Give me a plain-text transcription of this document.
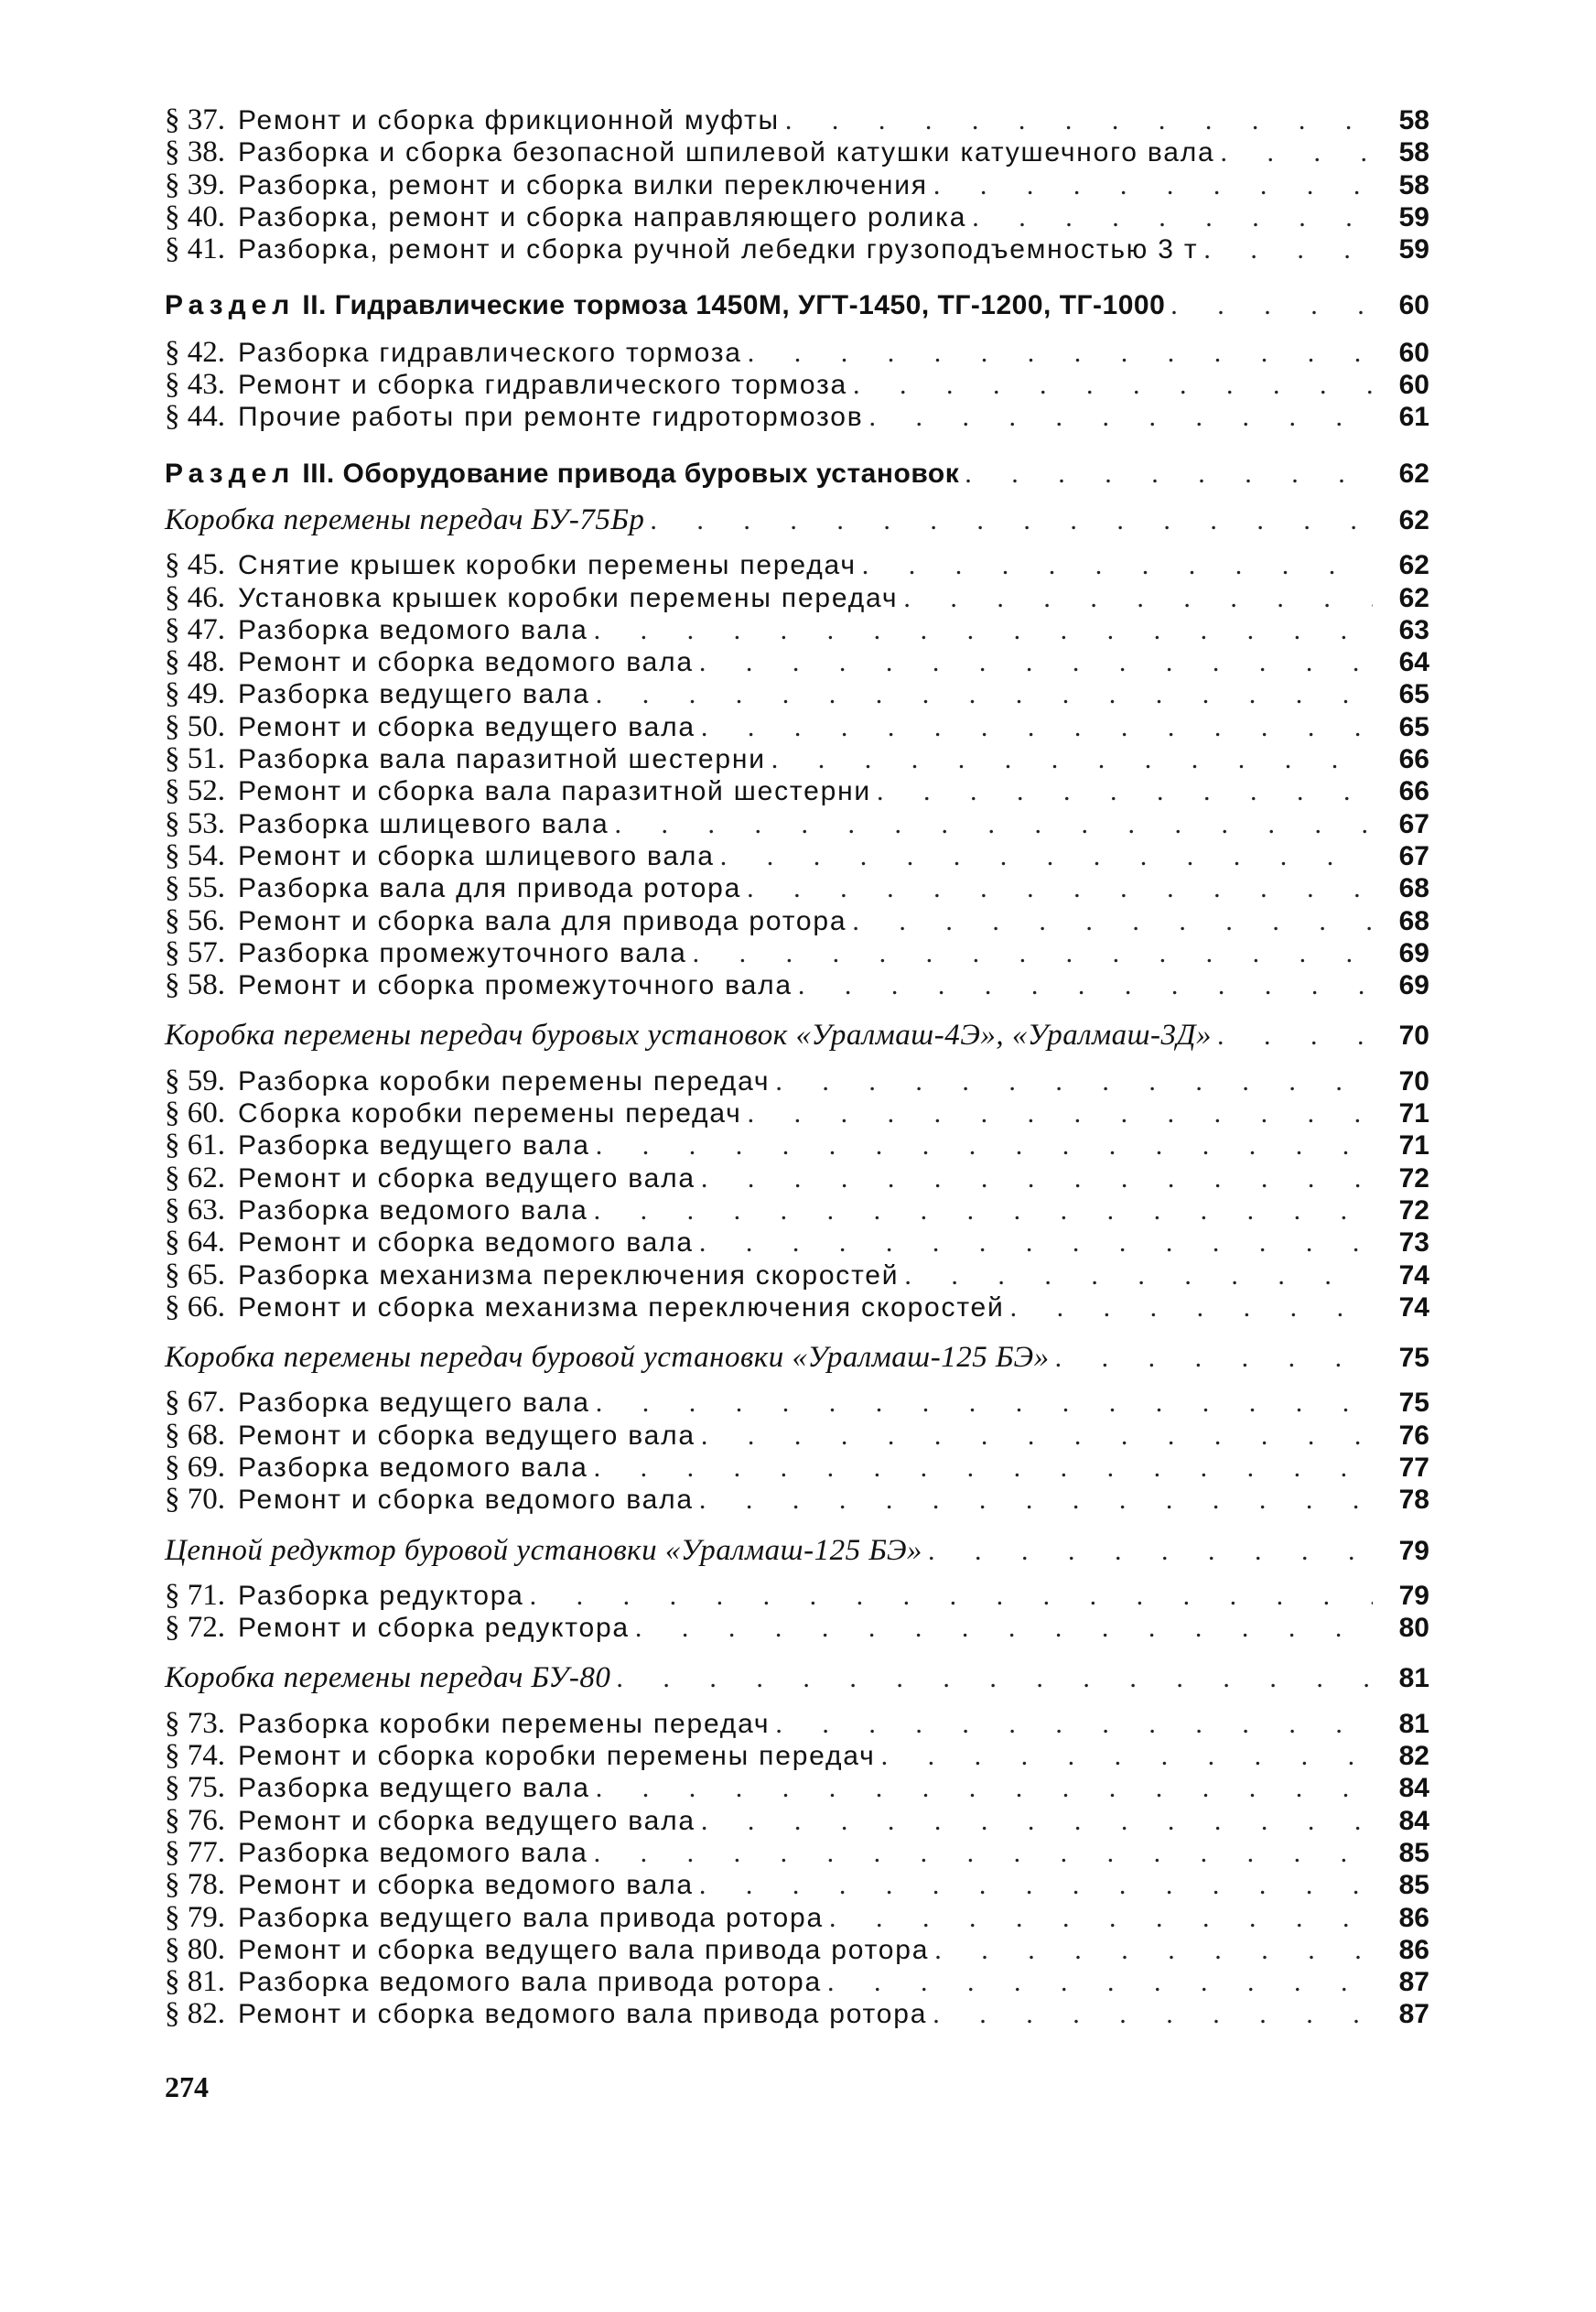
§ 37. Ремонт и сборка фрикционной муфты . . .	58
§ 38. Разборка и сборка безопасной шпилевой катушки катушечного вала . . .	58
§ 39. Разборка, ремонт и сборка вилки переключения . . .	58
§ 40. Разборка, ремонт и сборка направляющего ролика . . .	59
§ 41. Разборка, ремонт и сборка ручной лебедки грузоподъемностью 3 т . . .	59
Раздел II. Гидравлические тормоза 1450М, УГТ-1450, ТГ-1200, ТГ-1000 . . .	60
§ 42. Разборка гидравлического тормоза . . .	60
§ 43. Ремонт и сборка гидравлического тормоза . . .	60
§ 44. Прочие работы при ремонте гидротормозов . . .	61
Раздел III. Оборудование привода буровых установок . . .	62
Коробка перемены передач БУ-75Бр . . .	62
§ 45. Снятие крышек коробки перемены передач . . .	62
§ 46. Установка крышек коробки перемены передач . . .	62
§ 47. Разборка ведомого вала . . .	63
§ 48. Ремонт и сборка ведомого вала . . .	64
§ 49. Разборка ведущего вала . . .	65
§ 50. Ремонт и сборка ведущего вала . . .	65
§ 51. Разборка вала паразитной шестерни . . .	66
§ 52. Ремонт и сборка вала паразитной шестерни . . .	66
§ 53. Разборка шлицевого вала . . .	67
§ 54. Ремонт и сборка шлицевого вала . . .	67
§ 55. Разборка вала для привода ротора . . .	68
§ 56. Ремонт и сборка вала для привода ротора . . .	68
§ 57. Разборка промежуточного вала . . .	69
§ 58. Ремонт и сборка промежуточного вала . . .	69
Коробка перемены передач буровых установок «Уралмаш-4Э», «Уралмаш-3Д» . . .	70
§ 59. Разборка коробки перемены передач . . .	70
§ 60. Сборка коробки перемены передач . . .	71
§ 61. Разборка ведущего вала . . .	71
§ 62. Ремонт и сборка ведущего вала . . .	72
§ 63. Разборка ведомого вала . . .	72
§ 64. Ремонт и сборка ведомого вала . . .	73
§ 65. Разборка механизма переключения скоростей . . .	74
§ 66. Ремонт и сборка механизма переключения скоростей . . .	74
Коробка перемены передач буровой установки «Уралмаш-125 БЭ» . . .	75
§ 67. Разборка ведущего вала . . .	75
§ 68. Ремонт и сборка ведущего вала . . .	76
§ 69. Разборка ведомого вала . . .	77
§ 70. Ремонт и сборка ведомого вала . . .	78
Цепной редуктор буровой установки «Уралмаш-125 БЭ» . . .	79
§ 71. Разборка редуктора . . .	79
§ 72. Ремонт и сборка редуктора . . .	80
Коробка перемены передач БУ-80 . . .	81
§ 73. Разборка коробки перемены передач . . .	81
§ 74. Ремонт и сборка коробки перемены передач . . .	82
§ 75. Разборка ведущего вала . . .	84
§ 76. Ремонт и сборка ведущего вала . . .	84
§ 77. Разборка ведомого вала . . .	85
§ 78. Ремонт и сборка ведомого вала . . .	85
§ 79. Разборка ведущего вала привода ротора . . .	86
§ 80. Ремонт и сборка ведущего вала привода ротора . . .	86
§ 81. Разборка ведомого вала привода ротора . . .	87
§ 82. Ремонт и сборка ведомого вала привода ротора . . .	87
274
